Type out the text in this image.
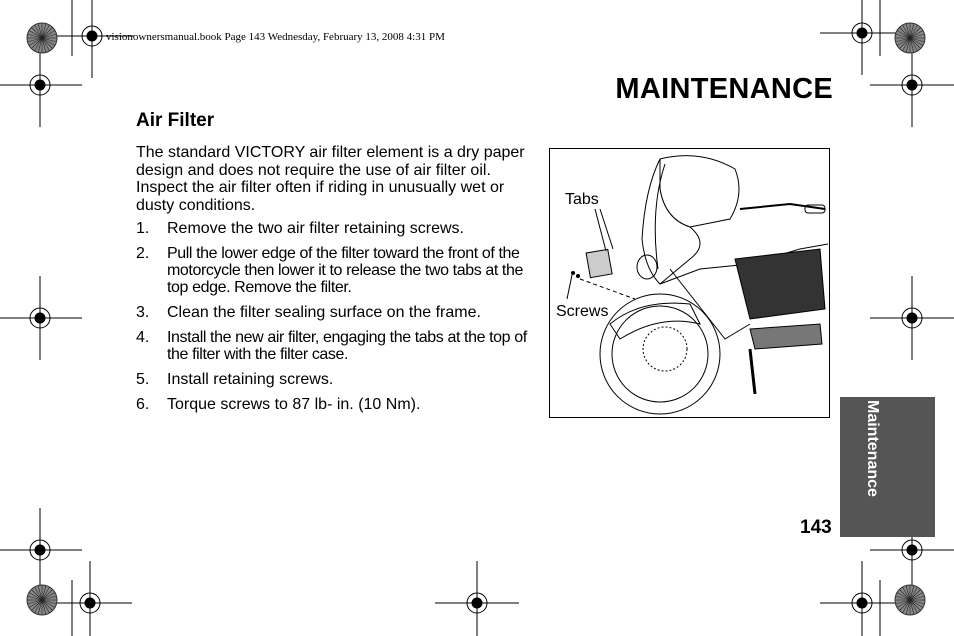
visionownersmanual.book Page 143 Wednesday, February 13, 2008 4:31 PM
MAINTENANCE
Air Filter
The standard VICTORY air filter element is a dry paper design and does not require the use of air filter oil. Inspect the air filter often if riding in unusually wet or dusty conditions.
1. Remove the two air filter retaining screws.
2. Pull the lower edge of the filter toward the front of the motorcycle then lower it to release the two tabs at the top edge. Remove the filter.
3. Clean the filter sealing surface on the frame.
4. Install the new air filter, engaging the tabs at the top of the filter with the filter case.
5. Install retaining screws.
6. Torque screws to 87 lb- in. (10 Nm).
Tabs
Screws
Maintenance
143
